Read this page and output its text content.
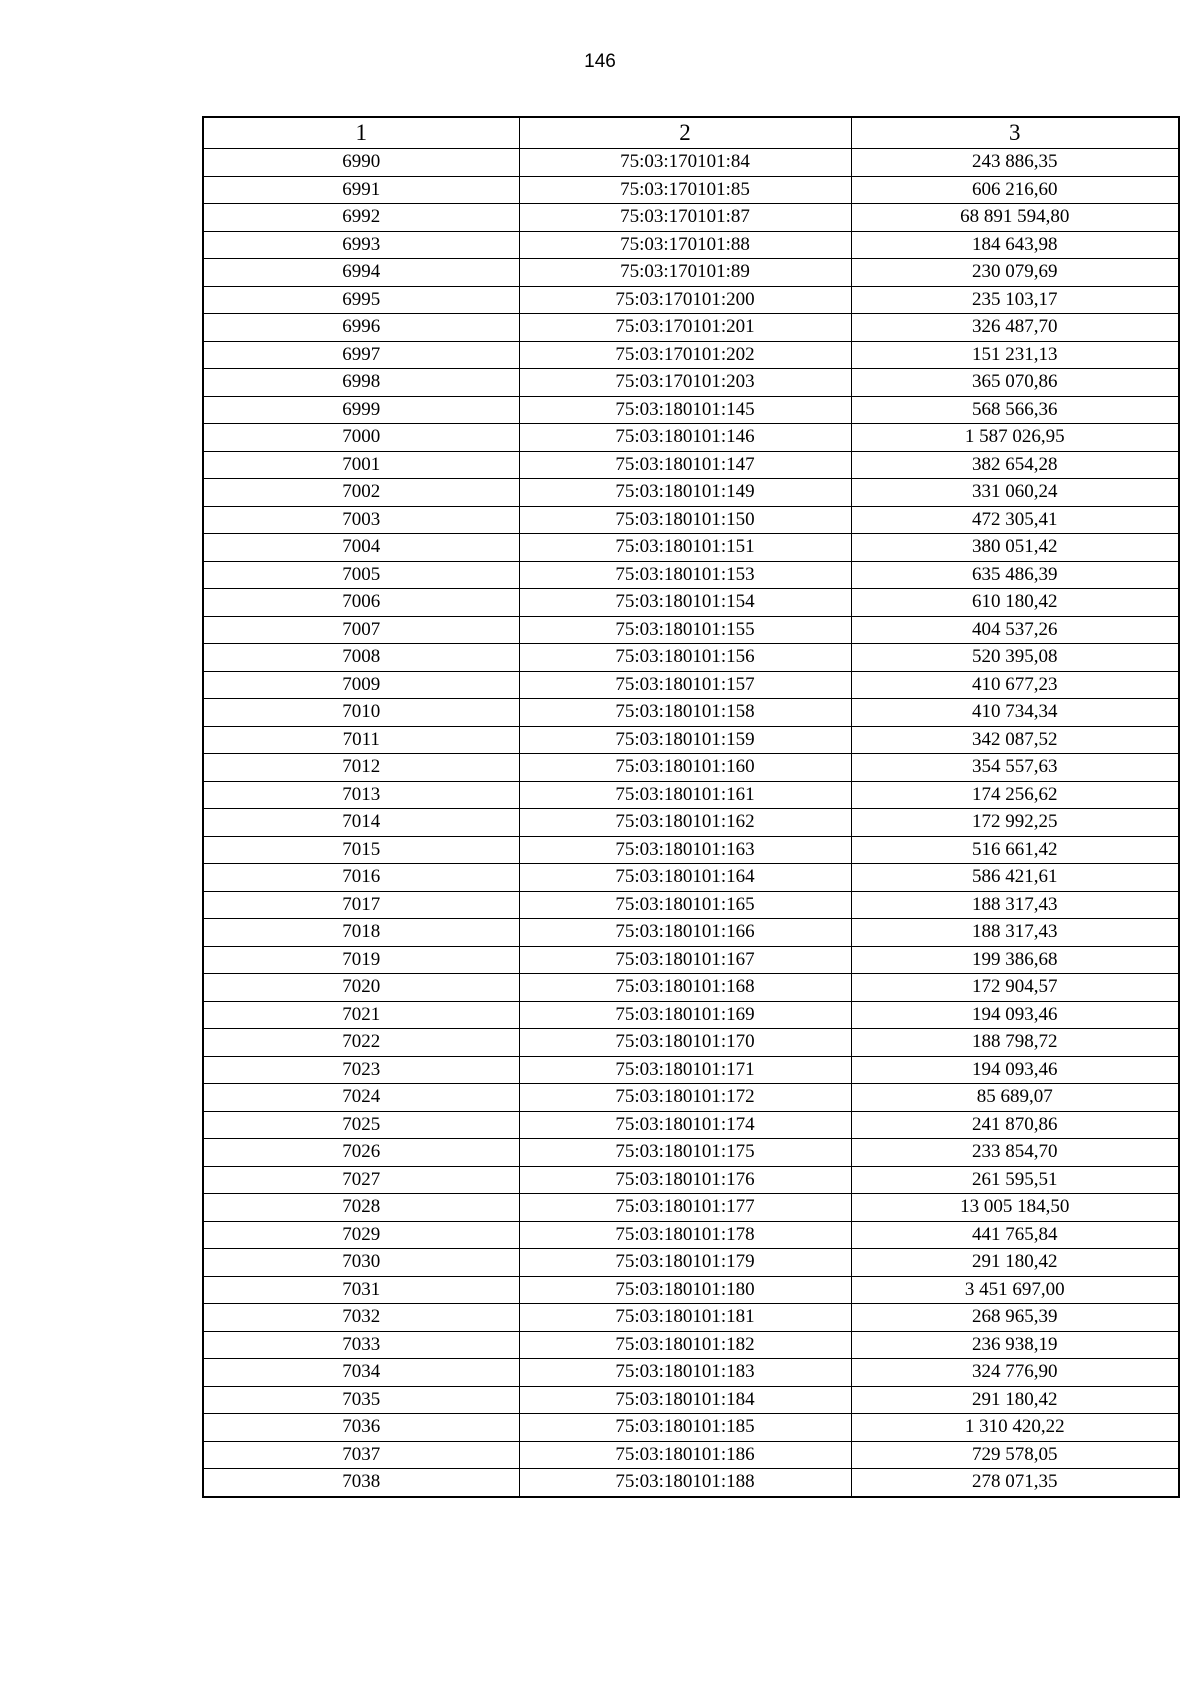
146
1	2	3
6990	75:03:170101:84	243 886,35
6991	75:03:170101:85	606 216,60
6992	75:03:170101:87	68 891 594,80
6993	75:03:170101:88	184 643,98
6994	75:03:170101:89	230 079,69
6995	75:03:170101:200	235 103,17
6996	75:03:170101:201	326 487,70
6997	75:03:170101:202	151 231,13
6998	75:03:170101:203	365 070,86
6999	75:03:180101:145	568 566,36
7000	75:03:180101:146	1 587 026,95
7001	75:03:180101:147	382 654,28
7002	75:03:180101:149	331 060,24
7003	75:03:180101:150	472 305,41
7004	75:03:180101:151	380 051,42
7005	75:03:180101:153	635 486,39
7006	75:03:180101:154	610 180,42
7007	75:03:180101:155	404 537,26
7008	75:03:180101:156	520 395,08
7009	75:03:180101:157	410 677,23
7010	75:03:180101:158	410 734,34
7011	75:03:180101:159	342 087,52
7012	75:03:180101:160	354 557,63
7013	75:03:180101:161	174 256,62
7014	75:03:180101:162	172 992,25
7015	75:03:180101:163	516 661,42
7016	75:03:180101:164	586 421,61
7017	75:03:180101:165	188 317,43
7018	75:03:180101:166	188 317,43
7019	75:03:180101:167	199 386,68
7020	75:03:180101:168	172 904,57
7021	75:03:180101:169	194 093,46
7022	75:03:180101:170	188 798,72
7023	75:03:180101:171	194 093,46
7024	75:03:180101:172	85 689,07
7025	75:03:180101:174	241 870,86
7026	75:03:180101:175	233 854,70
7027	75:03:180101:176	261 595,51
7028	75:03:180101:177	13 005 184,50
7029	75:03:180101:178	441 765,84
7030	75:03:180101:179	291 180,42
7031	75:03:180101:180	3 451 697,00
7032	75:03:180101:181	268 965,39
7033	75:03:180101:182	236 938,19
7034	75:03:180101:183	324 776,90
7035	75:03:180101:184	291 180,42
7036	75:03:180101:185	1 310 420,22
7037	75:03:180101:186	729 578,05
7038	75:03:180101:188	278 071,35
